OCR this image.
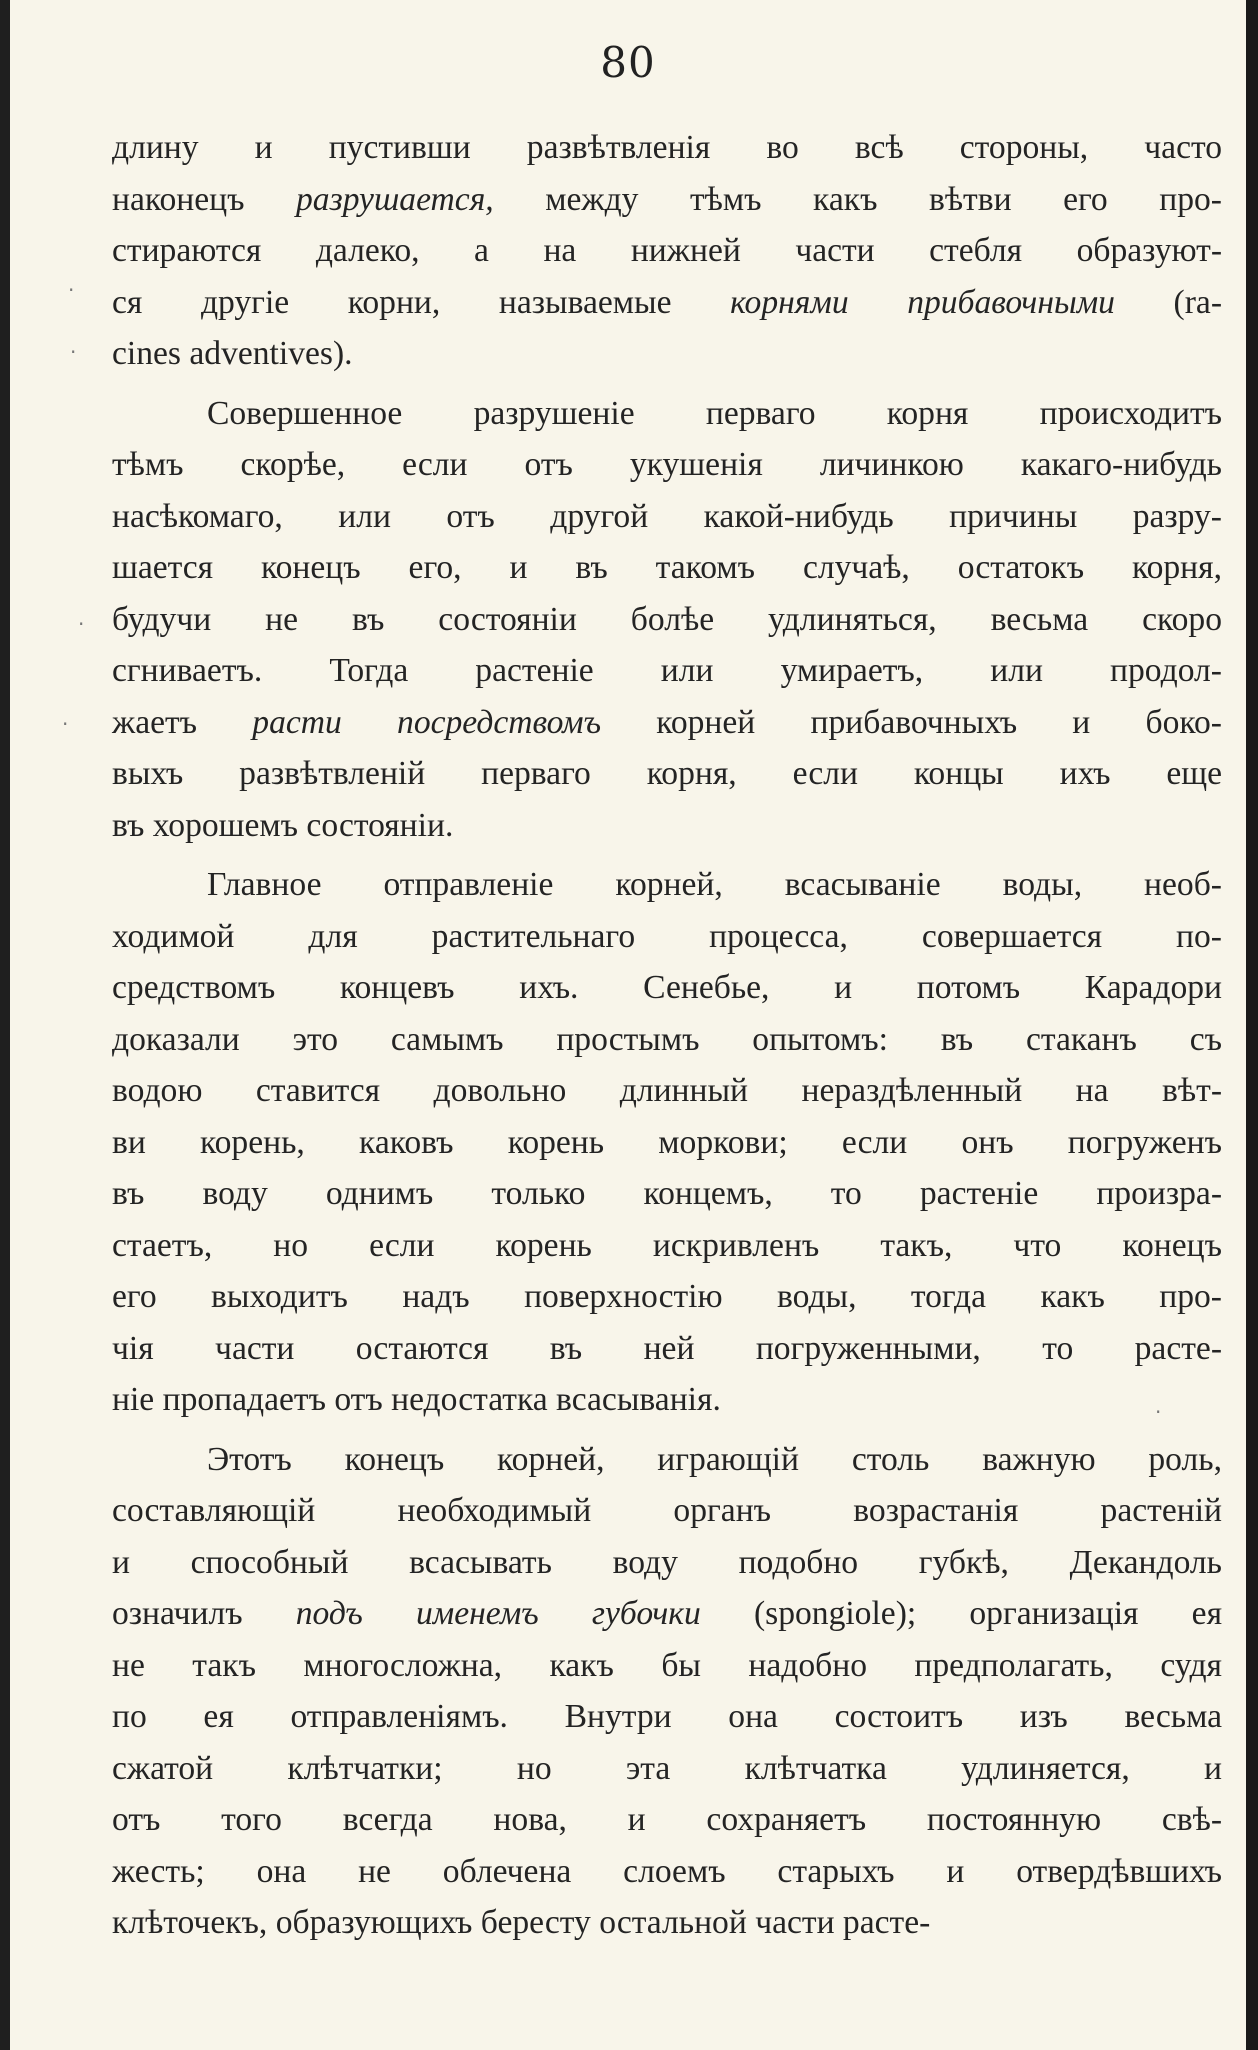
80
длину и пустивши развѣтвленія во всѣ стороны, часто
наконецъ разрушается, между тѣмъ какъ вѣтви его про-
стираются далеко, а на нижней части стебля образуют-
ся другіе корни, называемые корнями прибавочными (ra-
cines adventives).
Совершенное разрушеніе перваго корня происходитъ
тѣмъ скорѣе, если отъ укушенія личинкою какаго-нибудь
насѣкомаго, или отъ другой какой-нибудь причины разру-
шается конецъ его, и въ такомъ случаѣ, остатокъ корня,
будучи не въ состояніи болѣе удлиняться, весьма скоро
сгниваетъ. Тогда растеніе или умираетъ, или продол-
жаетъ расти посредствомъ корней прибавочныхъ и боко-
выхъ развѣтвленій перваго корня, если концы ихъ еще
въ хорошемъ состояніи.
Главное отправленіе корней, всасываніе воды, необ-
ходимой для растительнаго процесса, совершается по-
средствомъ концевъ ихъ. Сенебье, и потомъ Карадори
доказали это самымъ простымъ опытомъ: въ стаканъ съ
водою ставится довольно длинный нераздѣленный на вѣт-
ви корень, каковъ корень моркови; если онъ погруженъ
въ воду однимъ только концемъ, то растеніе произра-
стаетъ, но если корень искривленъ такъ, что конецъ
его выходитъ надъ поверхностію воды, тогда какъ про-
чія части остаются въ ней погруженными, то расте-
ніе пропадаетъ отъ недостатка всасыванія.
Этотъ конецъ корней, играющій столь важную роль,
составляющій необходимый органъ возрастанія растеній
и способный всасывать воду подобно губкѣ, Декандоль
означилъ подъ именемъ губочки (spongiole); организація ея
не такъ многосложна, какъ бы надобно предполагать, судя
по ея отправленіямъ. Внутри она состоитъ изъ весьма
сжатой клѣтчатки; но эта клѣтчатка удлиняется, и
отъ того всегда нова, и сохраняетъ постоянную свѣ-
жесть; она не облечена слоемъ старыхъ и отвердѣвшихъ
клѣточекъ, образующихъ бересту остальной части расте-
·
·
·
·
·
